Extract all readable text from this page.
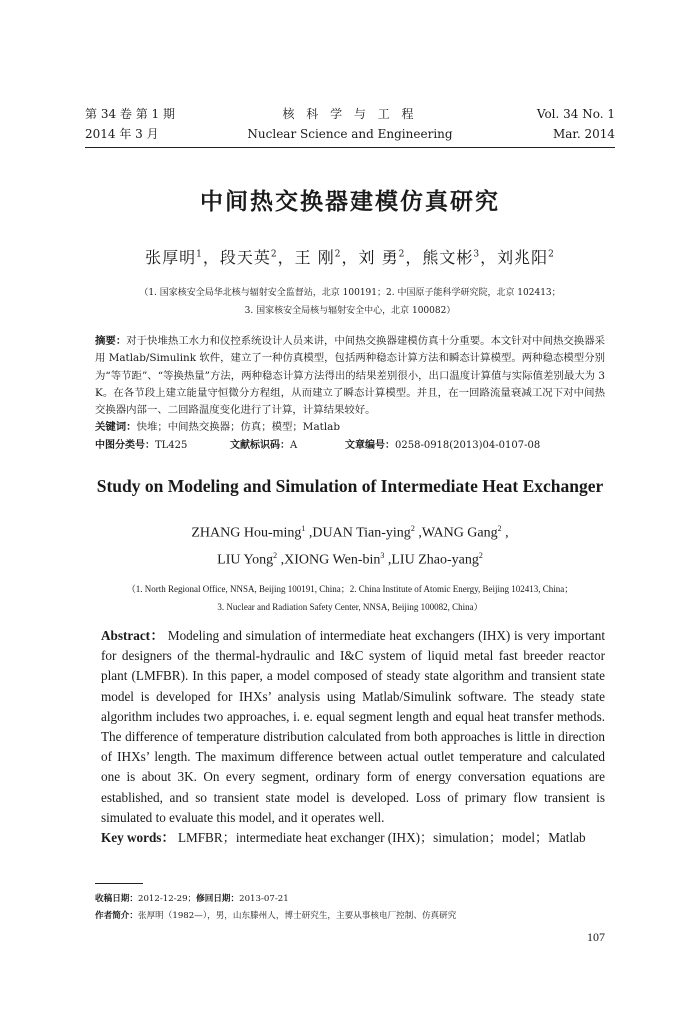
第 34 卷 第 1 期
2014 年 3 月
核 科 学 与 工 程
Nuclear Science and Engineering
Vol. 34 No. 1
Mar. 2014
中间热交换器建模仿真研究
张厚明$^1$，段天英$^2$，王 刚$^2$，刘 勇$^2$，熊文彬$^3$，刘兆阳$^2$
（1. 国家核安全局华北核与辐射安全监督站，北京 100191；2. 中国原子能科学研究院，北京 102413；
3. 国家核安全局核与辐射安全中心，北京 100082）
摘要：对于快堆热工水力和仪控系统设计人员来讲，中间热交换器建模仿真十分重要。本文针对中间热交换器采用 Matlab/Simulink 软件，建立了一种仿真模型，包括两种稳态计算方法和瞬态计算模型。两种稳态模型分别为“等节距”、“等换热量”方法，两种稳态计算方法得出的结果差别很小，出口温度计算值与实际值差别最大为 3 K。在各节段上建立能量守恒微分方程组，从而建立了瞬态计算模型。并且，在一回路流量衰减工况下对中间热交换器内部一、二回路温度变化进行了计算，计算结果较好。
关键词：快堆；中间热交换器；仿真；模型；Matlab
中图分类号：TL425	文献标识码：A	文章编号：0258-0918(2013)04-0107-08
Study on Modeling and Simulation of Intermediate Heat Exchanger
ZHANG Hou-ming$^1$ ,DUAN Tian-ying$^2$ ,WANG Gang$^2$ ,
LIU Yong$^2$ ,XIONG Wen-bin$^3$ ,LIU Zhao-yang$^2$
（1. North Regional Office, NNSA, Beijing 100191, China；2. China Institute of Atomic Energy, Beijing 102413, China；
3. Nuclear and Radiation Safety Center, NNSA, Beijing 100082, China）
Abstract： Modeling and simulation of intermediate heat exchangers (IHX) is very important for designers of the thermal-hydraulic and I&C system of liquid metal fast breeder reactor plant (LMFBR). In this paper, a model composed of steady state algorithm and transient state model is developed for IHXs’ analysis using Matlab/Simulink software. The steady state algorithm includes two approaches, i. e. equal segment length and equal heat transfer methods. The difference of temperature distribution calculated from both approaches is little in direction of IHXs’ length. The maximum difference between actual outlet temperature and calculated one is about 3K. On every segment, ordinary form of energy conversation equations are established, and so transient state model is developed. Loss of primary flow transient is simulated to evaluate this model, and it operates well.
Key words： LMFBR；intermediate heat exchanger (IHX)；simulation；model；Matlab
收稿日期：2012-12-29；修回日期：2013-07-21
作者简介：张厚明（1982—），男，山东滕州人，博士研究生，主要从事核电厂控制、仿真研究
107
